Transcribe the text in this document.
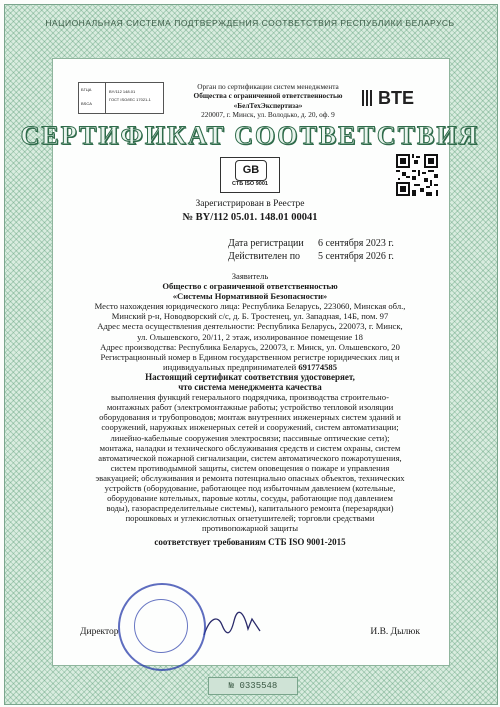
НАЦИОНАЛЬНАЯ СИСТЕМА ПОДТВЕРЖДЕНИЯ СООТВЕТСТВИЯ РЕСПУБЛИКИ БЕЛАРУСЬ
БГЦА
BSCA
BY/112 148.01
ГОСТ ISO/IEC 17021-1
Орган по сертификации систем менеджмента
Общества с ограниченной ответственностью
«БелТехЭкспертиза»
220007, г. Минск, ул. Володько, д. 20, оф. 9
BTE
СЕРТИФИКАТ СООТВЕТСТВИЯ
GB
СТБ ISO 9001
Зарегистрирован в Реестре
№ BY/112 05.01. 148.01 00041
Дата регистрации 6 сентября 2023 г.
Действителен по 5 сентября 2026 г.
Заявитель
Общество с ограниченной ответственностью
«Системы Нормативной Безопасности»
Место нахождения юридического лица: Республика Беларусь, 223060, Минская обл.,
Минский р-н, Новодворский с/с, д. Б. Тростенец, ул. Западная, 14Б, пом. 97
Адрес места осуществления деятельности: Республика Беларусь, 220073, г. Минск,
ул. Ольшевского, 20/11, 2 этаж, изолированное помещение 18
Адрес производства: Республика Беларусь, 220073, г. Минск, ул. Ольшевского, 20
Регистрационный номер в Едином государственном регистре юридических лиц и
индивидуальных предпринимателей 691774585
Настоящий сертификат соответствия удостоверяет,
что система менеджмента качества
выполнения функций генерального подрядчика, производства строительно-
монтажных работ (электромонтажные работы; устройство тепловой изоляции
оборудования и трубопроводов; монтаж внутренних инженерных систем зданий и
сооружений, наружных инженерных сетей и сооружений, систем автоматизации;
линейно-кабельные сооружения электросвязи; пассивные оптические сети);
монтажа, наладки и технического обслуживания средств и систем охраны, систем
автоматической пожарной сигнализации, систем автоматического пожаротушения,
систем противодымной защиты, систем оповещения о пожаре и управления
эвакуацией; обслуживания и ремонта потенциально опасных объектов, технических
устройств (оборудование, работающее под избыточным давлением (котельные,
оборудование котельных, паровые котлы, сосуды, работающие под давлением
воды), газораспределительные системы), капитального ремонта (перезарядки)
порошковых и углекислотных огнетушителей; торговли средствами
противопожарной защиты
соответствует требованиям СТБ ISO 9001-2015
Директор	И.В. Дылюк
№ 0335548
